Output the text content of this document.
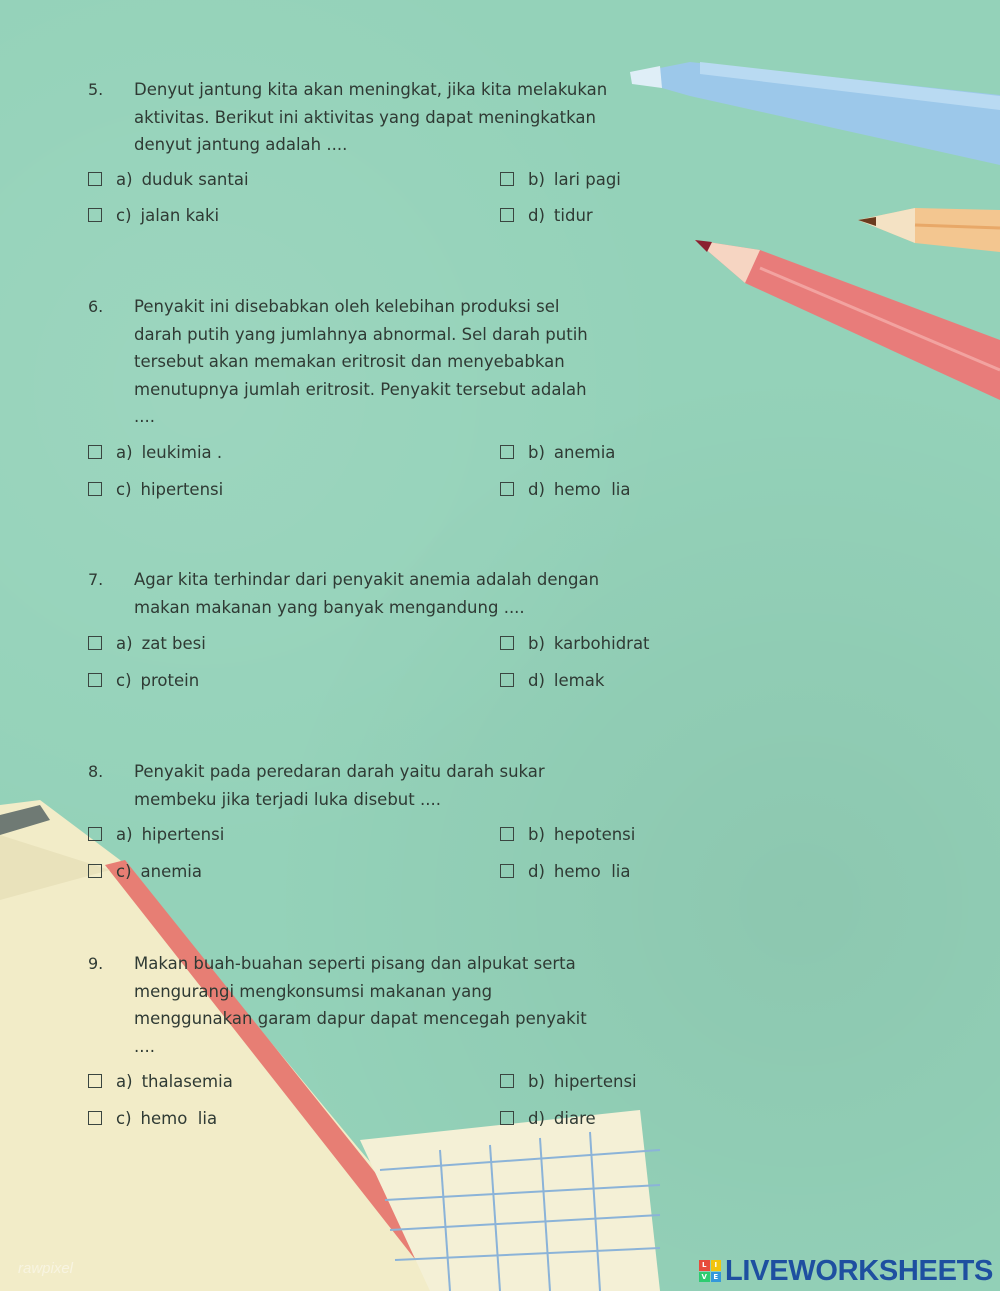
5. Denyut jantung kita akan meningkat, jika kita melakukan aktivitas. Berikut ini aktivitas yang dapat meningkatkan denyut jantung adalah ....

a) duduk santai	b) lari pagi
c) jalan kaki	d) tidur
6. Penyakit ini disebabkan oleh kelebihan produksi sel darah putih yang jumlahnya abnormal. Sel darah putih tersebut akan memakan eritrosit dan menyebabkan menutupnya jumlah eritrosit. Penyakit tersebut adalah ....

a) leukimia .	b) anemia
c) hipertensi	d) hemo  lia
7. Agar kita terhindar dari penyakit anemia adalah dengan makan makanan yang banyak mengandung ....

a) zat besi	b) karbohidrat
c) protein	d) lemak
8. Penyakit pada peredaran darah yaitu darah sukar membeku jika terjadi luka disebut ....

a) hipertensi	b) hepotensi
c) anemia	d) hemo  lia
9. Makan buah-buahan seperti pisang dan alpukat serta mengurangi mengkonsumsi makanan yang menggunakan garam dapur dapat mencegah penyakit ....

a) thalasemia	b) hipertensi
c) hemo  lia	d) diare
rawpixel	L	I
V E LIVEWORKSHEETS
